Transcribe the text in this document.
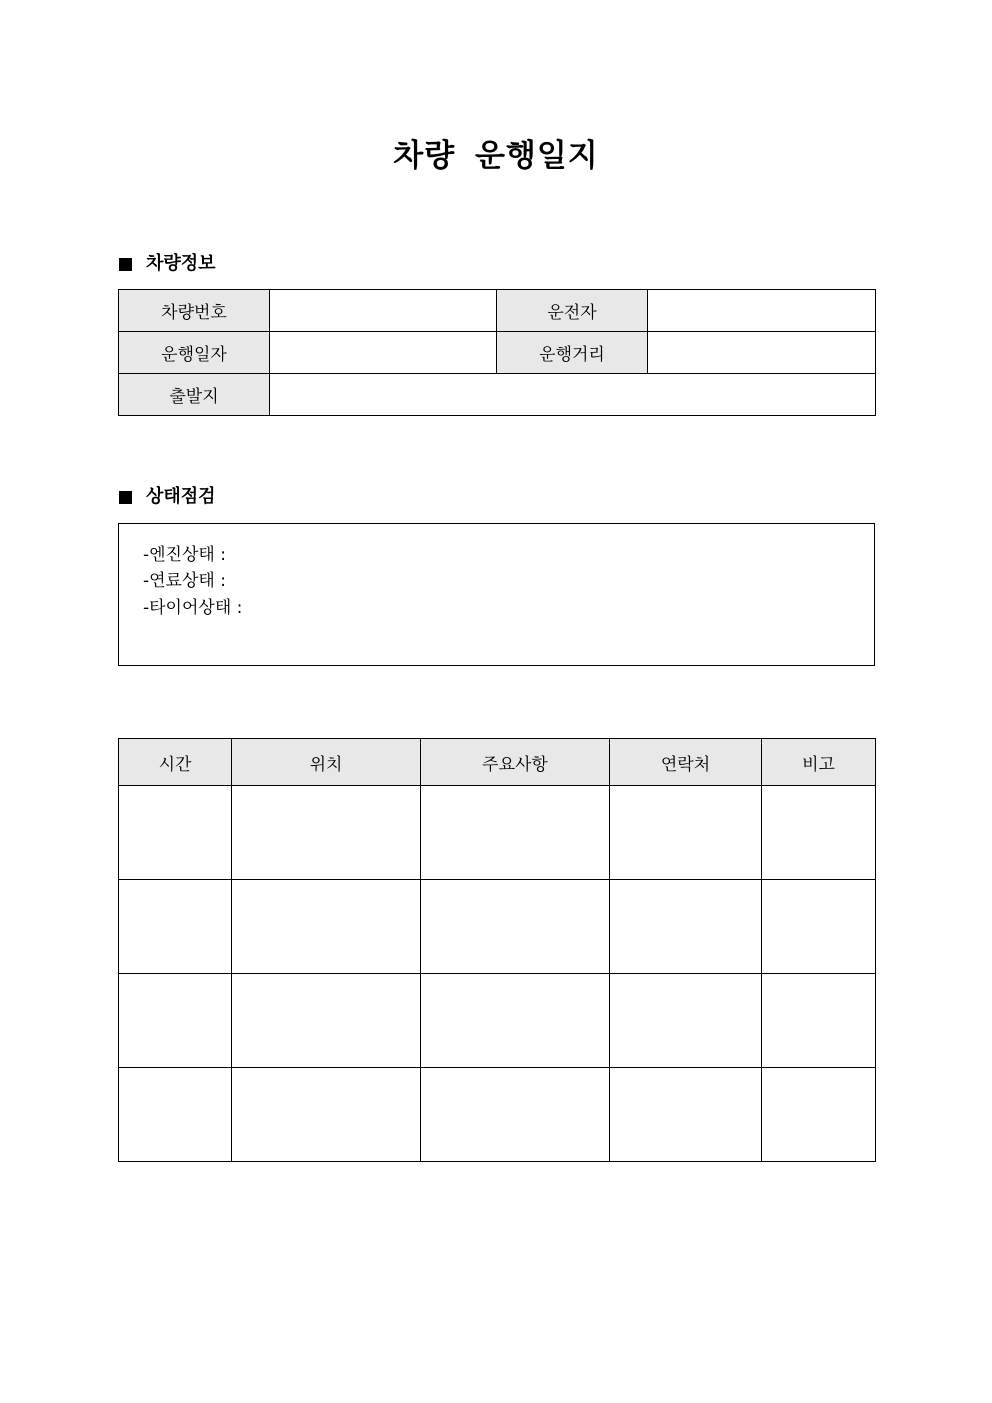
차량 운행일지
차량정보
차량번호		운전자	
운행일자		운행거리	
출발지			
상태점검
-엔진상태 :
-연료상태 :
-타이어상태 :
시간	위치	주요사항	연락처	비고
